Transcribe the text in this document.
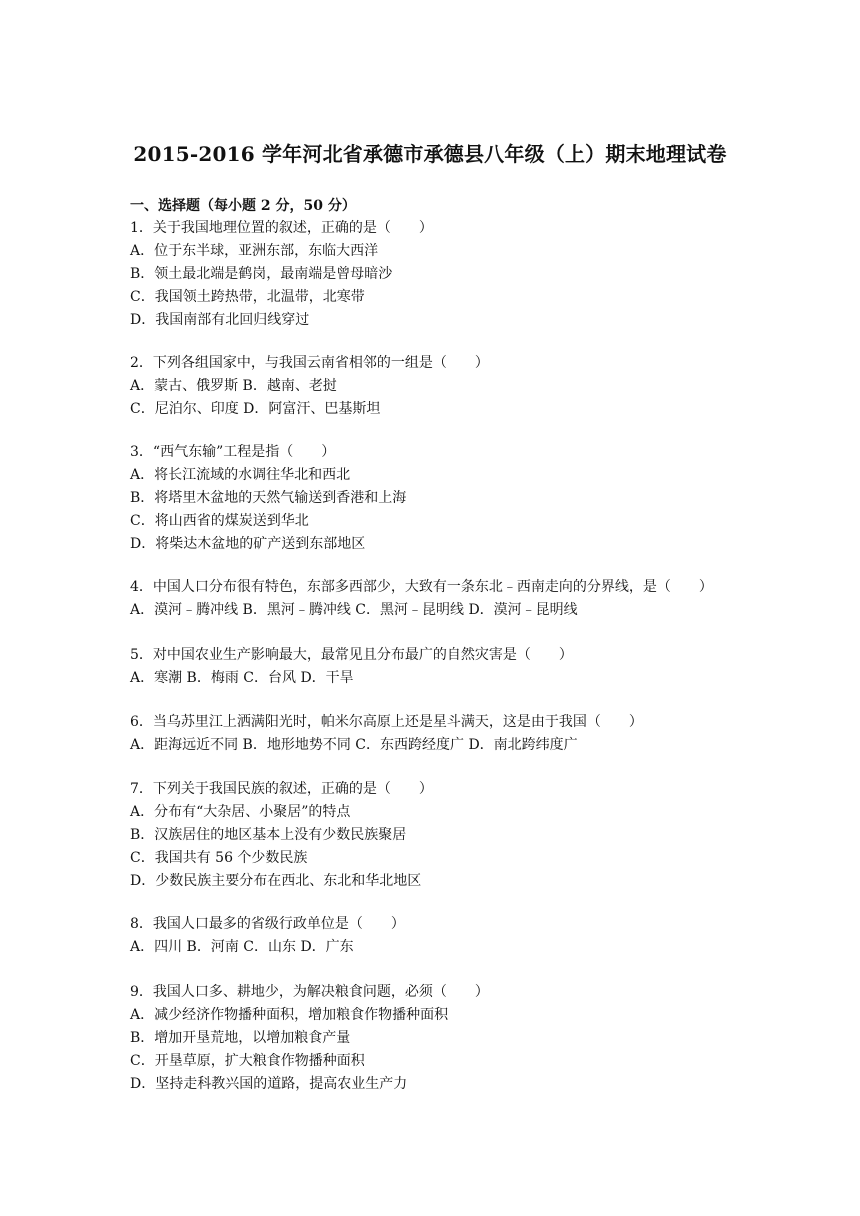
2015-2016 学年河北省承德市承德县八年级（上）期末地理试卷
一、选择题（每小题 2 分，50 分）
1．关于我国地理位置的叙述，正确的是（　　）
A．位于东半球，亚洲东部，东临大西洋
B．领土最北端是鹤岗，最南端是曾母暗沙
C．我国领土跨热带，北温带，北寒带
D．我国南部有北回归线穿过
2．下列各组国家中，与我国云南省相邻的一组是（　　）
A．蒙古、俄罗斯 B．越南、老挝
C．尼泊尔、印度 D．阿富汗、巴基斯坦
3．“西气东输”工程是指（　　）
A．将长江流域的水调往华北和西北
B．将塔里木盆地的天然气输送到香港和上海
C．将山西省的煤炭送到华北
D．将柴达木盆地的矿产送到东部地区
4．中国人口分布很有特色，东部多西部少，大致有一条东北﹣西南走向的分界线，是（　　）
A．漠河﹣腾冲线 B．黑河﹣腾冲线 C．黑河﹣昆明线 D．漠河﹣昆明线
5．对中国农业生产影响最大，最常见且分布最广的自然灾害是（　　）
A．寒潮 B．梅雨 C．台风 D．干旱
6．当乌苏里江上洒满阳光时，帕米尔高原上还是星斗满天，这是由于我国（　　）
A．距海远近不同 B．地形地势不同 C．东西跨经度广 D．南北跨纬度广
7．下列关于我国民族的叙述，正确的是（　　）
A．分布有“大杂居、小聚居”的特点
B．汉族居住的地区基本上没有少数民族聚居
C．我国共有 56 个少数民族
D．少数民族主要分布在西北、东北和华北地区
8．我国人口最多的省级行政单位是（　　）
A．四川 B．河南 C．山东 D．广东
9．我国人口多、耕地少，为解决粮食问题，必须（　　）
A．减少经济作物播种面积，增加粮食作物播种面积
B．增加开垦荒地，以增加粮食产量
C．开垦草原，扩大粮食作物播种面积
D．坚持走科教兴国的道路，提高农业生产力
